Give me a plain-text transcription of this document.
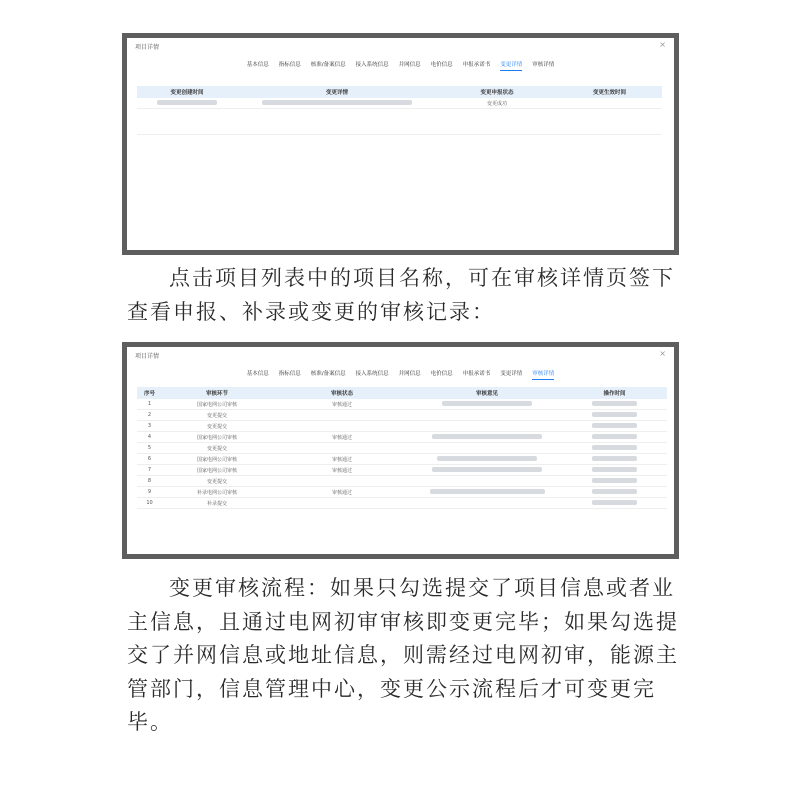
项目详情	×
基本信息 指标信息 核准/备案信息 接入系统信息 并网信息 电价信息 申报承诺书 变更详情 审核详情
变更创建时间	变更详情	变更申报状态	变更生效时间
		变更成功	

点击项目列表中的项目名称，可在审核详情页签下查看申报、补录或变更的审核记录：

项目详情	×
基本信息 指标信息 核准/备案信息 接入系统信息 并网信息 电价信息 申报承诺书 变更详情 审核详情
序号	审核环节	审核状态	审核意见	操作时间
1	国家电网公司审核	审核通过		
2	变更提交			
3	变更提交			
4	国家电网公司审核	审核通过		
5	变更提交			
6	国家电网公司审核	审核通过		
7	国家电网公司审核	审核通过		
8	变更提交			
9	补录电网公司审核	审核通过		
10	补录提交			

变更审核流程：如果只勾选提交了项目信息或者业主信息，且通过电网初审审核即变更完毕；如果勾选提交了并网信息或地址信息，则需经过电网初审，能源主管部门，信息管理中心，变更公示流程后才可变更完毕。
